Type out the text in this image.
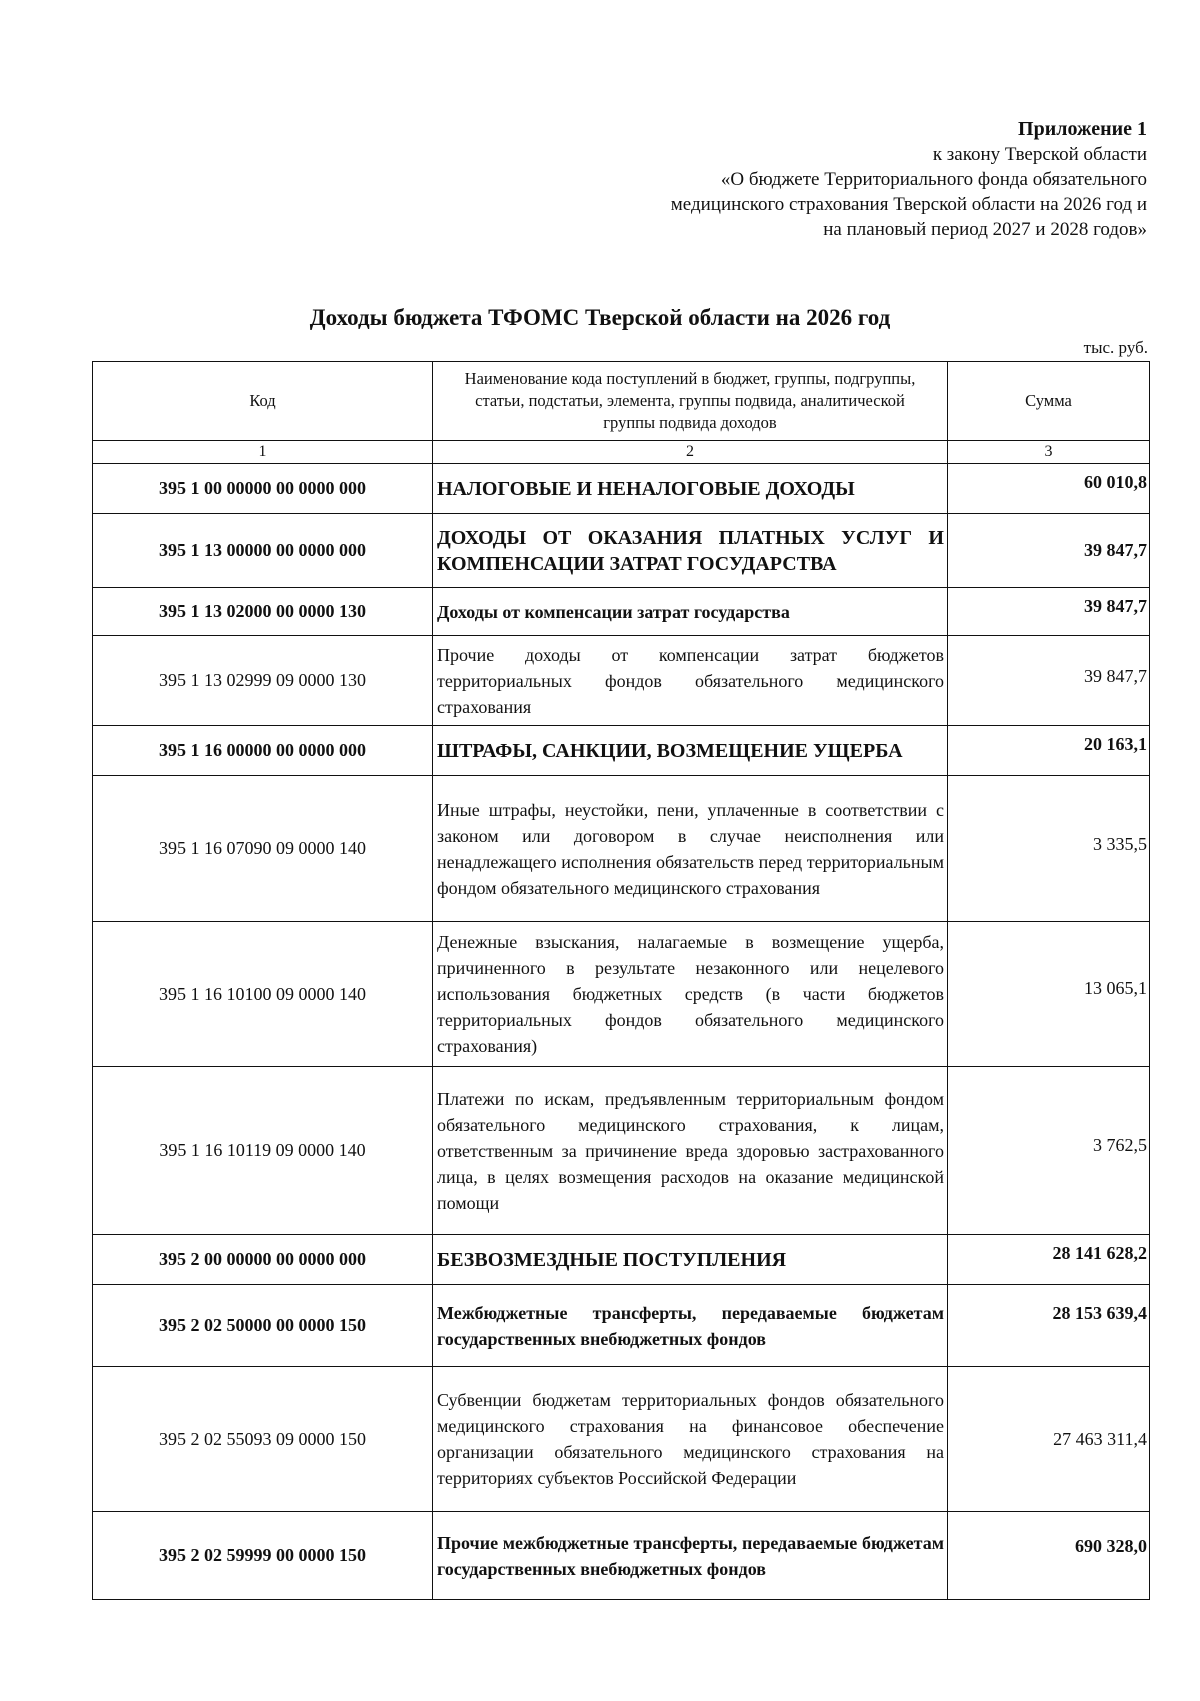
Приложение 1
к закону Тверской области
«О бюджете Территориального фонда обязательного
медицинского страхования Тверской области на 2026 год и
на плановый период 2027 и 2028 годов»
Доходы бюджета ТФОМС Тверской области на 2026 год
тыс. руб.
Код	Наименование кода поступлений в бюджет, группы, подгруппы, статьи, подстатьи, элемента, группы подвида, аналитической группы подвида доходов	Сумма
1	2	3
395 1 00 00000 00 0000 000	НАЛОГОВЫЕ И НЕНАЛОГОВЫЕ ДОХОДЫ	60 010,8
395 1 13 00000 00 0000 000	ДОХОДЫ ОТ ОКАЗАНИЯ ПЛАТНЫХ УСЛУГ И КОМПЕНСАЦИИ ЗАТРАТ ГОСУДАРСТВА	39 847,7
395 1 13 02000 00 0000 130	Доходы от компенсации затрат государства	39 847,7
395 1 13 02999 09 0000 130	Прочие доходы от компенсации затрат бюджетов территориальных фондов обязательного медицинского страхования	39 847,7
395 1 16 00000 00 0000 000	ШТРАФЫ, САНКЦИИ, ВОЗМЕЩЕНИЕ УЩЕРБА	20 163,1
395 1 16 07090 09 0000 140	Иные штрафы, неустойки, пени, уплаченные в соответствии с законом или договором в случае неисполнения или ненадлежащего исполнения обязательств перед территориальным фондом обязательного медицинского страхования	3 335,5
395 1 16 10100 09 0000 140	Денежные взыскания, налагаемые в возмещение ущерба, причиненного в результате незаконного или нецелевого использования бюджетных средств (в части бюджетов территориальных фондов обязательного медицинского страхования)	13 065,1
395 1 16 10119 09 0000 140	Платежи по искам, предъявленным территориальным фондом обязательного медицинского страхования, к лицам, ответственным за причинение вреда здоровью застрахованного лица, в целях возмещения расходов на оказание медицинской помощи	3 762,5
395 2 00 00000 00 0000 000	БЕЗВОЗМЕЗДНЫЕ ПОСТУПЛЕНИЯ	28 141 628,2
395 2 02 50000 00 0000 150	Межбюджетные трансферты, передаваемые бюджетам государственных внебюджетных фондов	28 153 639,4
395 2 02 55093 09 0000 150	Субвенции бюджетам территориальных фондов обязательного медицинского страхования на финансовое обеспечение организации обязательного медицинского страхования на территориях субъектов Российской Федерации	27 463 311,4
395 2 02 59999 00 0000 150	Прочие межбюджетные трансферты, передаваемые бюджетам государственных внебюджетных фондов	690 328,0
